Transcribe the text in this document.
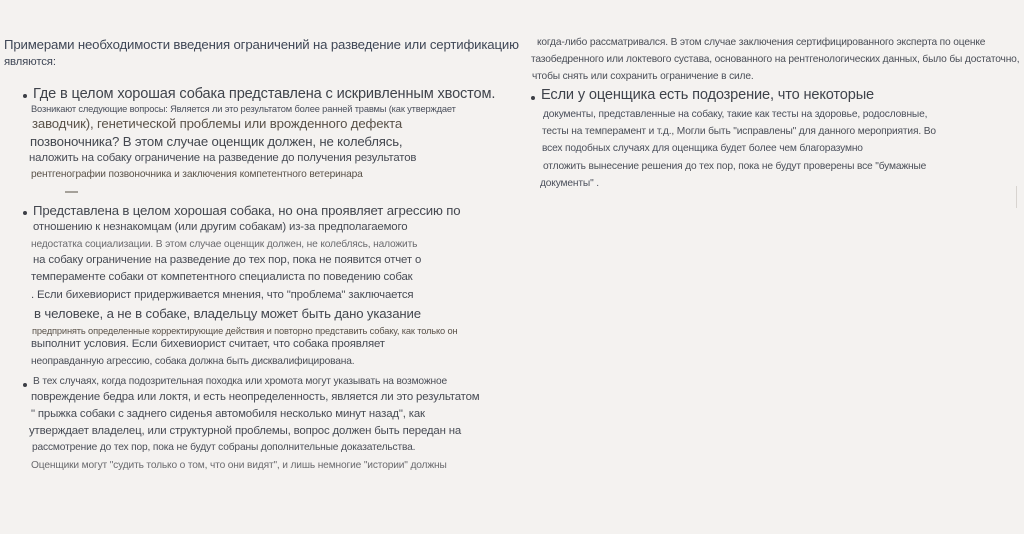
Примерами необходимости введения ограничений на разведение или сертификацию
являются:
Где в целом хорошая собака представлена с искривленным хвостом.
Возникают следующие вопросы: Является ли это результатом более ранней травмы (как утверждает
заводчик), генетической проблемы или врожденного дефекта
позвоночника? В этом случае оценщик должен, не колеблясь,
наложить на собаку ограничение на разведение до получения результатов
рентгенографии позвоночника и заключения компетентного ветеринара
Представлена в целом хорошая собака, но она проявляет агрессию по
отношению к незнакомцам (или другим собакам) из-за предполагаемого
недостатка социализации. В этом случае оценщик должен, не колеблясь, наложить
на собаку ограничение на разведение до тех пор, пока не появится отчет о
темпераменте собаки от компетентного специалиста по поведению собак
. Если бихевиорист придерживается мнения, что "проблема" заключается
в человеке, а не в собаке, владельцу может быть дано указание
предпринять определенные корректирующие действия и повторно представить собаку, как только он
выполнит условия. Если бихевиорист считает, что собака проявляет
неоправданную агрессию, собака должна быть дисквалифицирована.
В тех случаях, когда подозрительная походка или хромота могут указывать на возможное
повреждение бедра или локтя, и есть неопределенность, является ли это результатом
" прыжка собаки с заднего сиденья автомобиля несколько минут назад", как
утверждает владелец, или структурной проблемы, вопрос должен быть передан на
рассмотрение до тех пор, пока не будут собраны дополнительные доказательства.
Оценщики могут "судить только о том, что они видят", и лишь немногие "истории" должны
когда-либо рассматривался. В этом случае заключения сертифицированного эксперта по оценке
тазобедренного или локтевого сустава, основанного на рентгенологических данных, было бы достаточно,
чтобы снять или сохранить ограничение в силе.
Если у оценщика есть подозрение, что некоторые
документы, представленные на собаку, такие как тесты на здоровье, родословные,
тесты на темперамент и т.д., Могли быть "исправлены" для данного мероприятия. Во
всех подобных случаях для оценщика будет более чем благоразумно
отложить вынесение решения до тех пор, пока не будут проверены все "бумажные
документы" .
